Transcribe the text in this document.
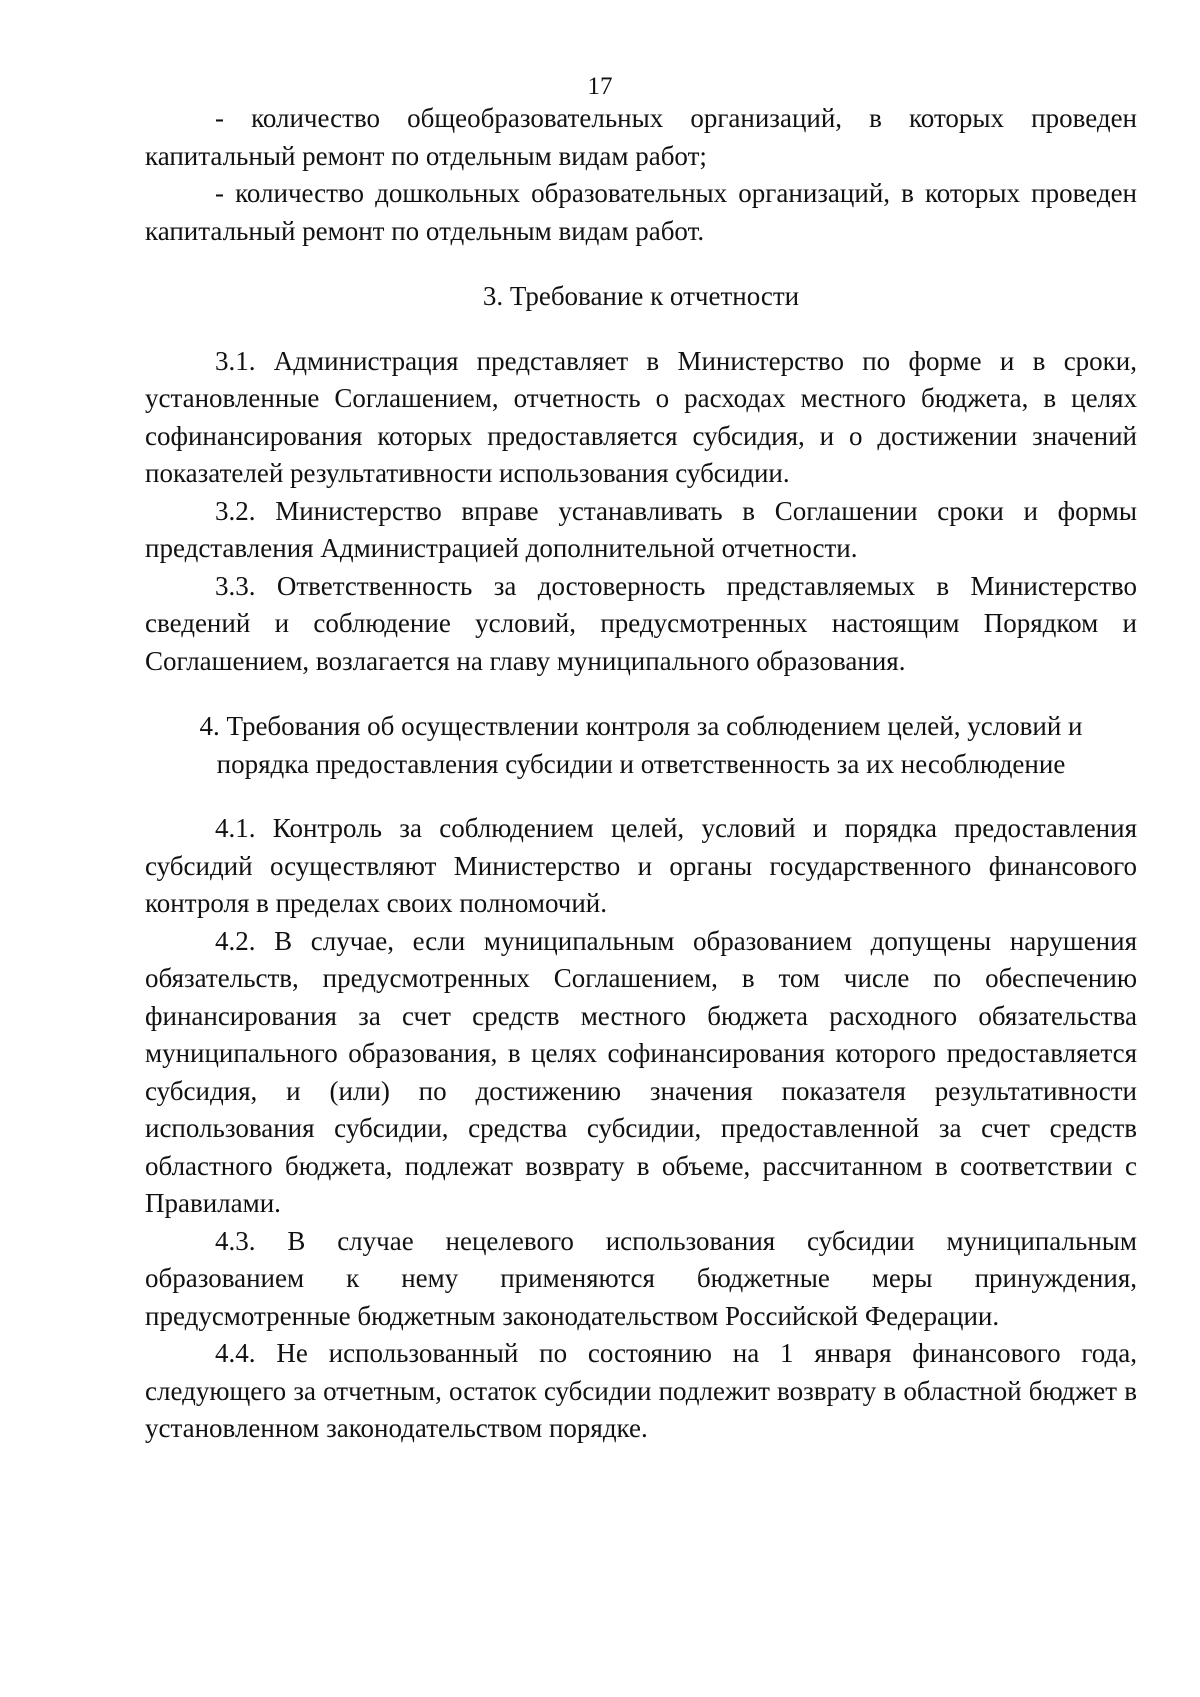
17

- количество общеобразовательных организаций, в которых проведен капитальный ремонт по отдельным видам работ;

- количество дошкольных образовательных организаций, в которых проведен капитальный ремонт по отдельным видам работ.

3. Требование к отчетности

3.1. Администрация представляет в Министерство по форме и в сроки, установленные Соглашением, отчетность о расходах местного бюджета, в целях софинансирования которых предоставляется субсидия, и о достижении значений показателей результативности использования субсидии.

3.2. Министерство вправе устанавливать в Соглашении сроки и формы представления Администрацией дополнительной отчетности.

3.3. Ответственность за достоверность представляемых в Министерство сведений и соблюдение условий, предусмотренных настоящим Порядком и Соглашением, возлагается на главу муниципального образования.

4. Требования об осуществлении контроля за соблюдением целей, условий и

порядка предоставления субсидии и ответственность за их несоблюдение

4.1. Контроль за соблюдением целей, условий и порядка предоставления субсидий осуществляют Министерство и органы государственного финансового контроля в пределах своих полномочий.

4.2. В случае, если муниципальным образованием допущены нарушения обязательств, предусмотренных Соглашением, в том числе по обеспечению финансирования за счет средств местного бюджета расходного обязательства муниципального образования, в целях софинансирования которого предоставляется субсидия, и (или) по достижению значения показателя результативности использования субсидии, средства субсидии, предоставленной за счет средств областного бюджета, подлежат возврату в объеме, рассчитанном в соответствии с Правилами.

4.3. В случае нецелевого использования субсидии муниципальным образованием к нему применяются бюджетные меры принуждения, предусмотренные бюджетным законодательством Российской Федерации.

4.4. Не использованный по состоянию на 1 января финансового года, следующего за отчетным, остаток субсидии подлежит возврату в областной бюджет в установленном законодательством порядке.
